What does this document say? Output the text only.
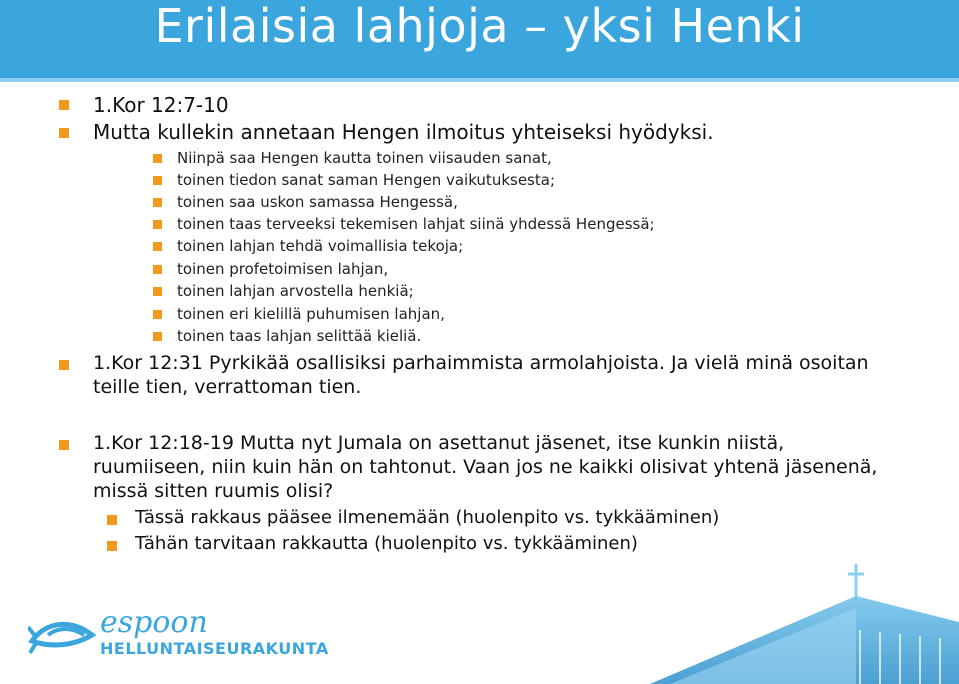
Erilaisia lahjoja – yksi Henki
1.Kor 12:7-10
Mutta kullekin annetaan Hengen ilmoitus yhteiseksi hyödyksi.
Niinpä saa Hengen kautta toinen viisauden sanat,
toinen tiedon sanat saman Hengen vaikutuksesta;
toinen saa uskon samassa Hengessä,
toinen taas terveeksi tekemisen lahjat siinä yhdessä Hengessä;
toinen lahjan tehdä voimallisia tekoja;
toinen profetoimisen lahjan,
toinen lahjan arvostella henkiä;
toinen eri kielillä puhumisen lahjan,
toinen taas lahjan selittää kieliä.
1.Kor 12:31 Pyrkikää osallisiksi parhaimmista armolahjoista. Ja vielä minä osoitan
teille tien, verrattoman tien.
1.Kor 12:18-19 Mutta nyt Jumala on asettanut jäsenet, itse kunkin niistä,
ruumiiseen, niin kuin hän on tahtonut. Vaan jos ne kaikki olisivat yhtenä jäsenenä,
missä sitten ruumis olisi?
Tässä rakkaus pääsee ilmenemään (huolenpito vs. tykkääminen)
Tähän tarvitaan rakkautta (huolenpito vs. tykkääminen)
espoon
HELLUNTAISEURAKUNTA
